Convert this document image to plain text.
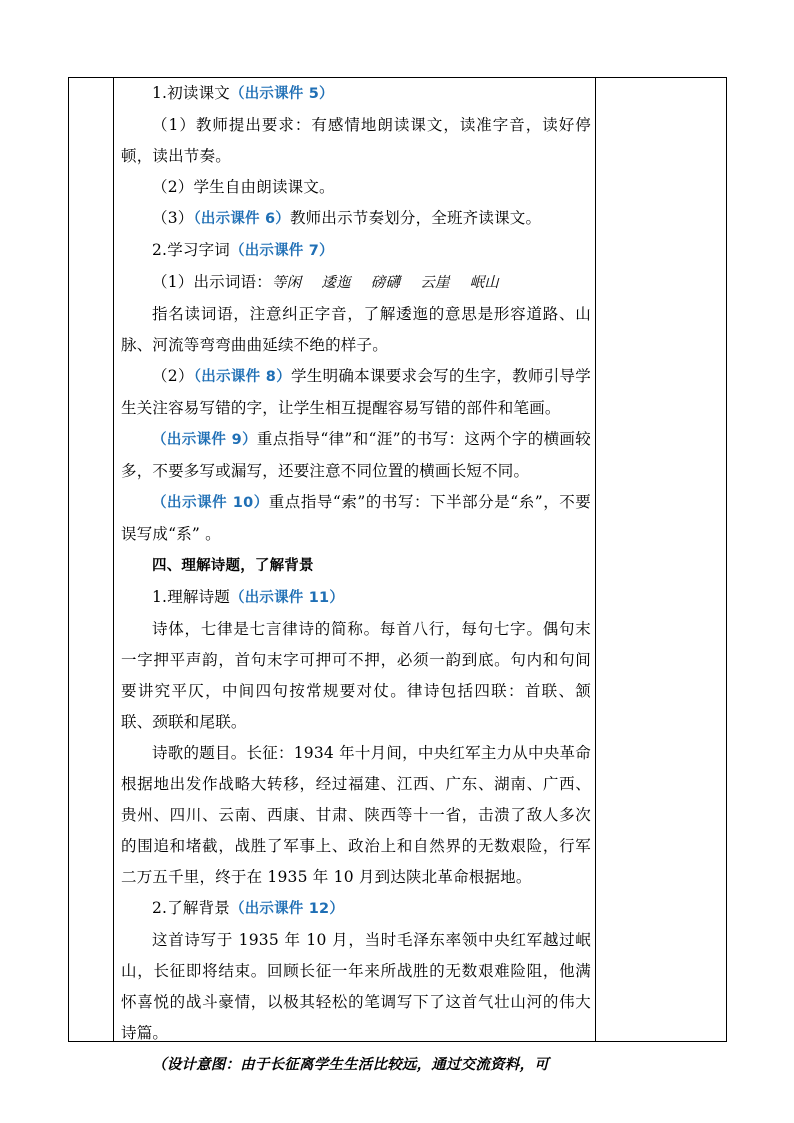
1.初读课文（出示课件 5）

（1）教师提出要求：有感情地朗读课文，读准字音，读好停顿，读出节奏。

（2）学生自由朗读课文。

（3）（出示课件 6）教师出示节奏划分，全班齐读课文。

2.学习字词（出示课件 7）

（1）出示词语：等闲 逶迤 磅礴 云崖 岷山

指名读词语，注意纠正字音，了解逶迤的意思是形容道路、山脉、河流等弯弯曲曲延续不绝的样子。

（2）（出示课件 8）学生明确本课要求会写的生字，教师引导学生关注容易写错的字，让学生相互提醒容易写错的部件和笔画。

（出示课件 9）重点指导“律”和“涯”的书写：这两个字的横画较多，不要多写或漏写，还要注意不同位置的横画长短不同。

（出示课件 10）重点指导“索”的书写：下半部分是“糸”，不要误写成“系” 。

四、理解诗题，了解背景

1.理解诗题（出示课件 11）

诗体，七律是七言律诗的简称。每首八行，每句七字。偶句末一字押平声韵，首句末字可押可不押，必须一韵到底。句内和句间要讲究平仄，中间四句按常规要对仗。律诗包括四联：首联、颔联、颈联和尾联。

诗歌的题目。长征：1934 年十月间，中央红军主力从中央革命根据地出发作战略大转移，经过福建、江西、广东、湖南、广西、贵州、四川、云南、西康、甘肃、陕西等十一省，击溃了敌人多次的围追和堵截，战胜了军事上、政治上和自然界的无数艰险，行军二万五千里，终于在 1935 年 10 月到达陕北革命根据地。

2.了解背景（出示课件 12）

这首诗写于 1935 年 10 月，当时毛泽东率领中央红军越过岷山，长征即将结束。回顾长征一年来所战胜的无数艰难险阻，他满怀喜悦的战斗豪情，以极其轻松的笔调写下了这首气壮山河的伟大诗篇。

（设计意图：由于长征离学生生活比较远，通过交流资料，可
